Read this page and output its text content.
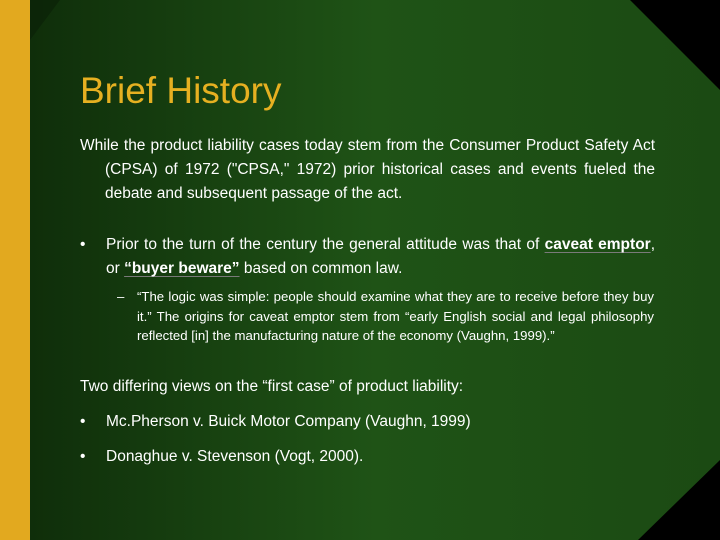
Brief History

While the product liability cases today stem from the Consumer Product Safety Act (CPSA) of 1972 ("CPSA," 1972) prior historical cases and events fueled the debate and subsequent passage of the act.

• Prior to the turn of the century the general attitude was that of caveat emptor, or “buyer beware” based on common law.

– “The logic was simple: people should examine what they are to receive before they buy it.” The origins for caveat emptor stem from “early English social and legal philosophy reflected [in] the manufacturing nature of the economy (Vaughn, 1999).”

Two differing views on the “first case” of product liability:

• Mc.Pherson v. Buick Motor Company (Vaughn, 1999)
• Donaghue v. Stevenson (Vogt, 2000).
